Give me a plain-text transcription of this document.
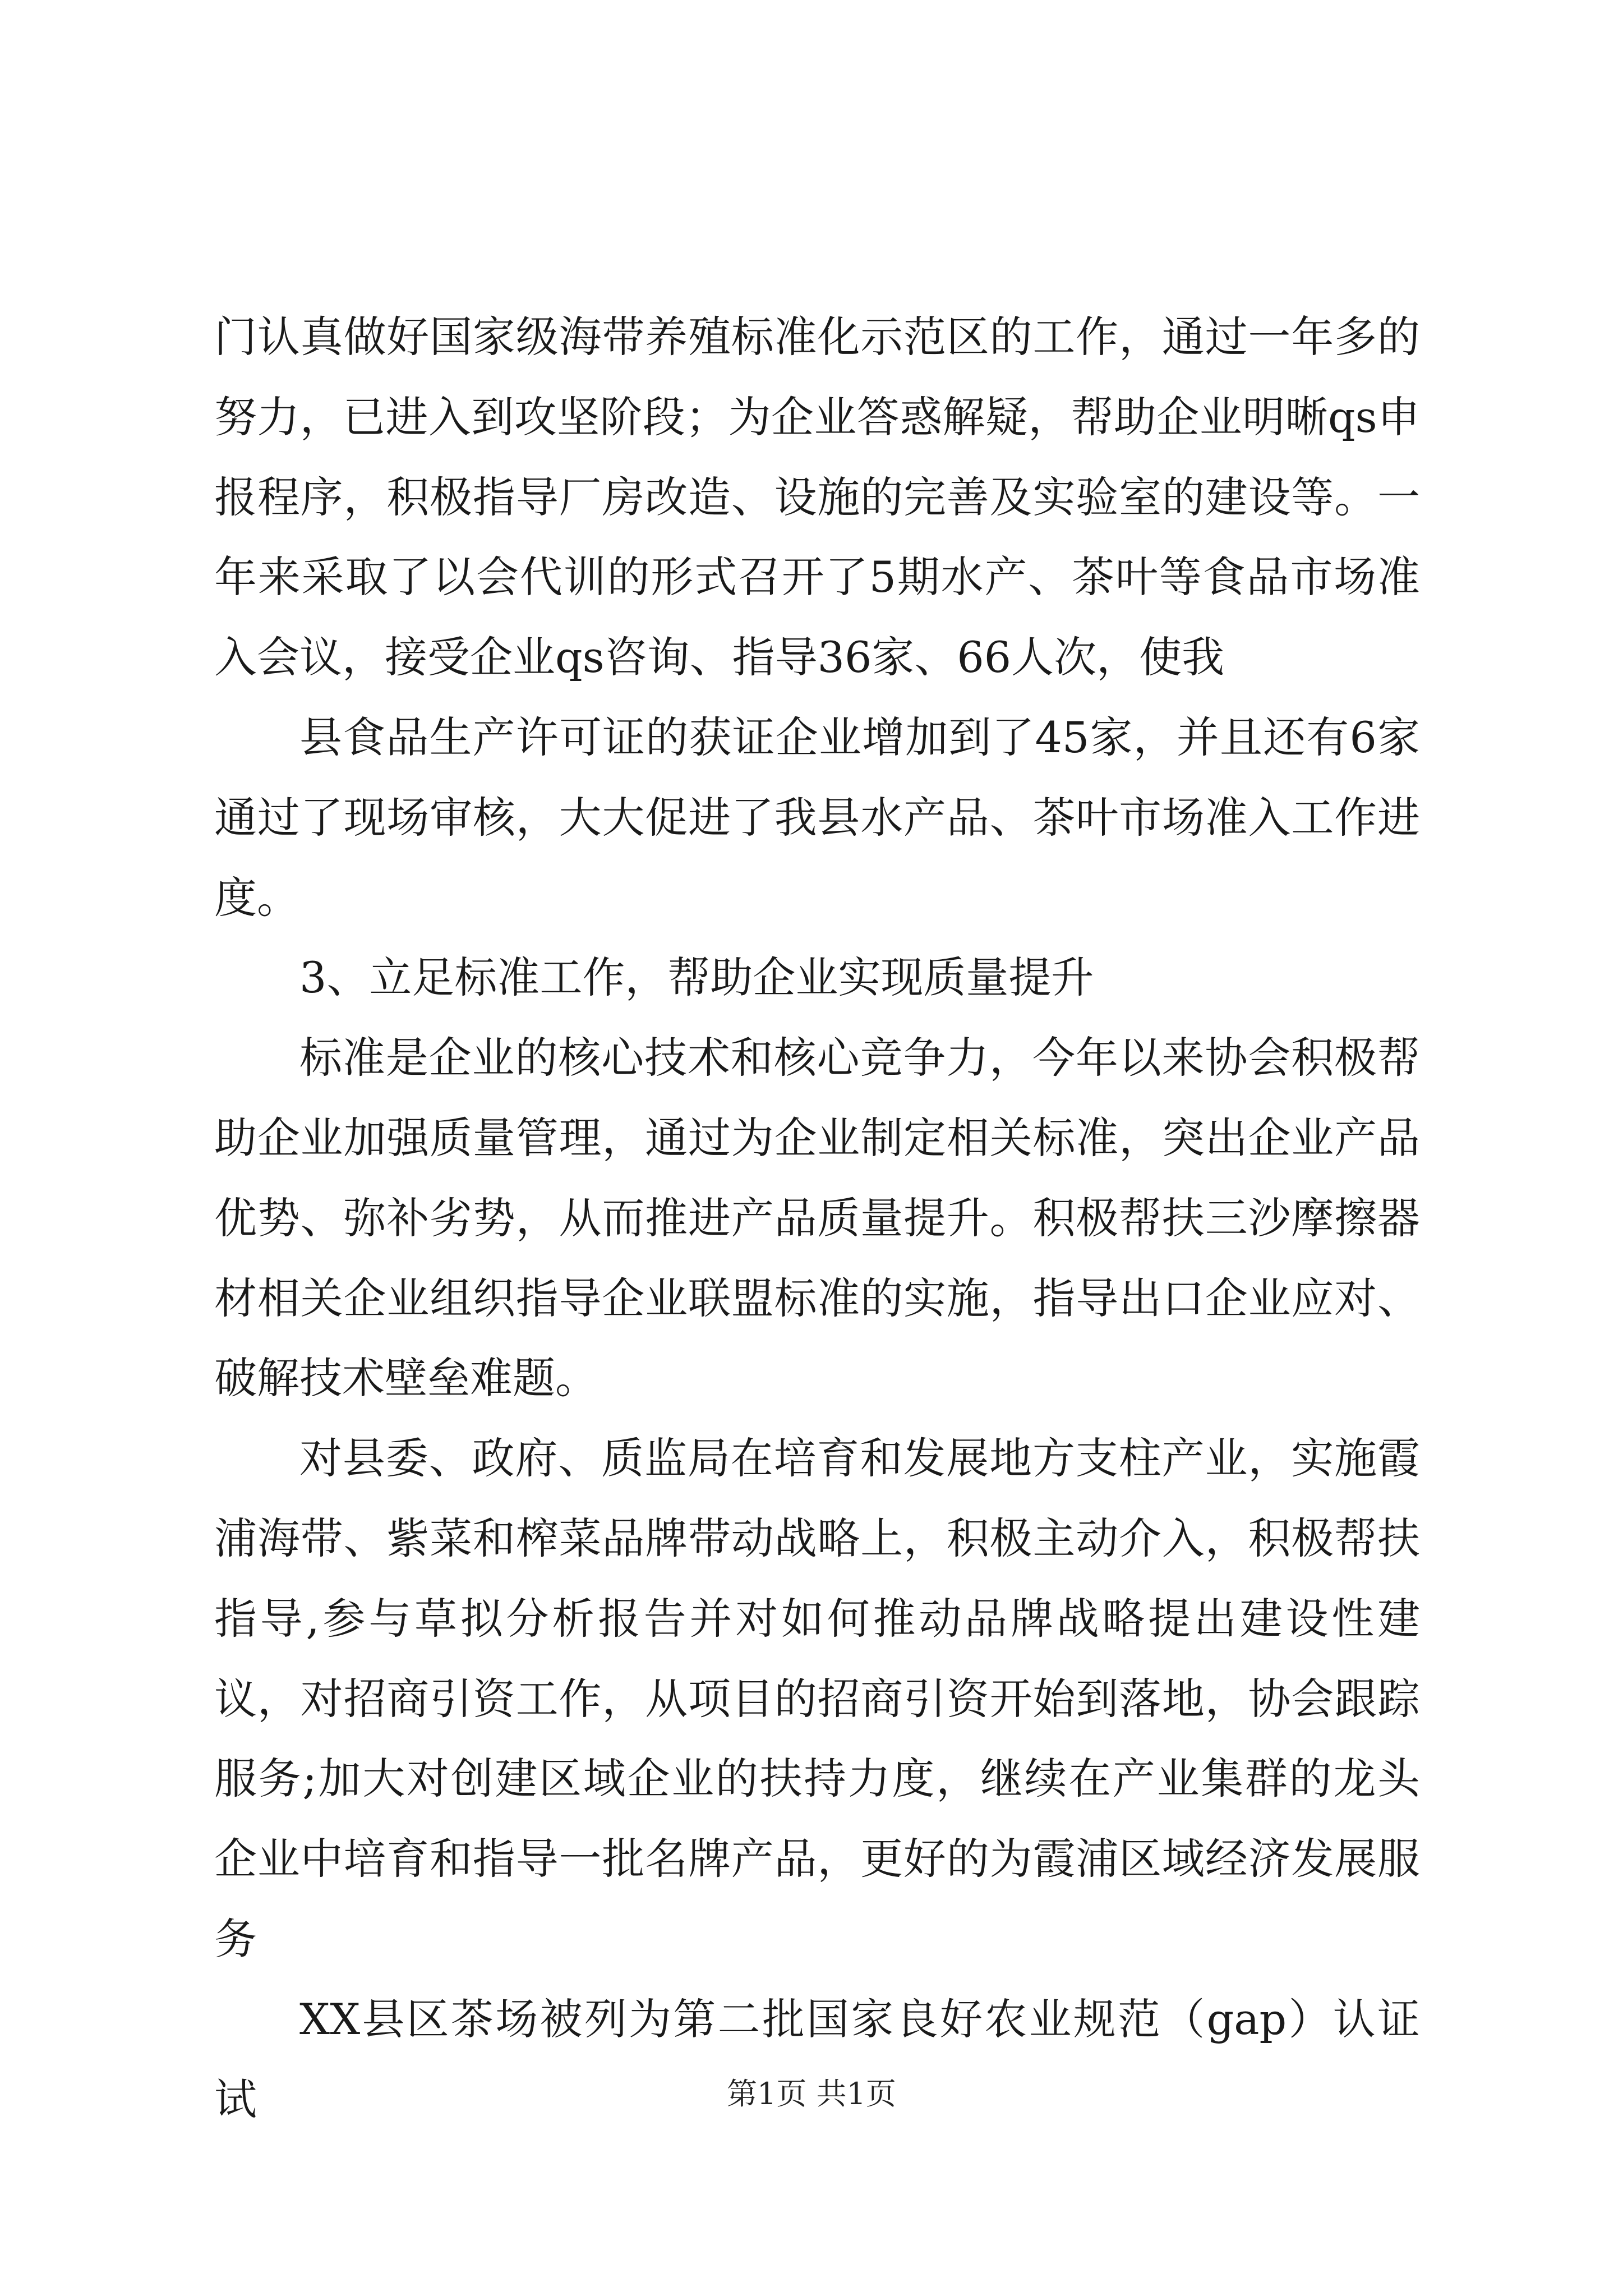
门认真做好国家级海带养殖标准化示范区的工作，通过一年多的努力，已进入到攻坚阶段；为企业答惑解疑，帮助企业明晰qs申报程序，积极指导厂房改造、设施的完善及实验室的建设等。一年来采取了以会代训的形式召开了5期水产、茶叶等食品市场准入会议，接受企业qs咨询、指导36家、66人次，使我

县食品生产许可证的获证企业增加到了45家，并且还有6家通过了现场审核，大大促进了我县水产品、茶叶市场准入工作进度。

3、立足标准工作，帮助企业实现质量提升

标准是企业的核心技术和核心竞争力，今年以来协会积极帮助企业加强质量管理，通过为企业制定相关标准，突出企业产品优势、弥补劣势，从而推进产品质量提升。积极帮扶三沙摩擦器材相关企业组织指导企业联盟标准的实施，指导出口企业应对、破解技术壁垒难题。

对县委、政府、质监局在培育和发展地方支柱产业，实施霞浦海带、紫菜和榨菜品牌带动战略上，积极主动介入，积极帮扶指导,参与草拟分析报告并对如何推动品牌战略提出建设性建议，对招商引资工作，从项目的招商引资开始到落地，协会跟踪服务;加大对创建区域企业的扶持力度，继续在产业集群的龙头企业中培育和指导一批名牌产品，更好的为霞浦区域经济发展服务

XX县区茶场被列为第二批国家良好农业规范（gap）认证试	第1页 共1页
